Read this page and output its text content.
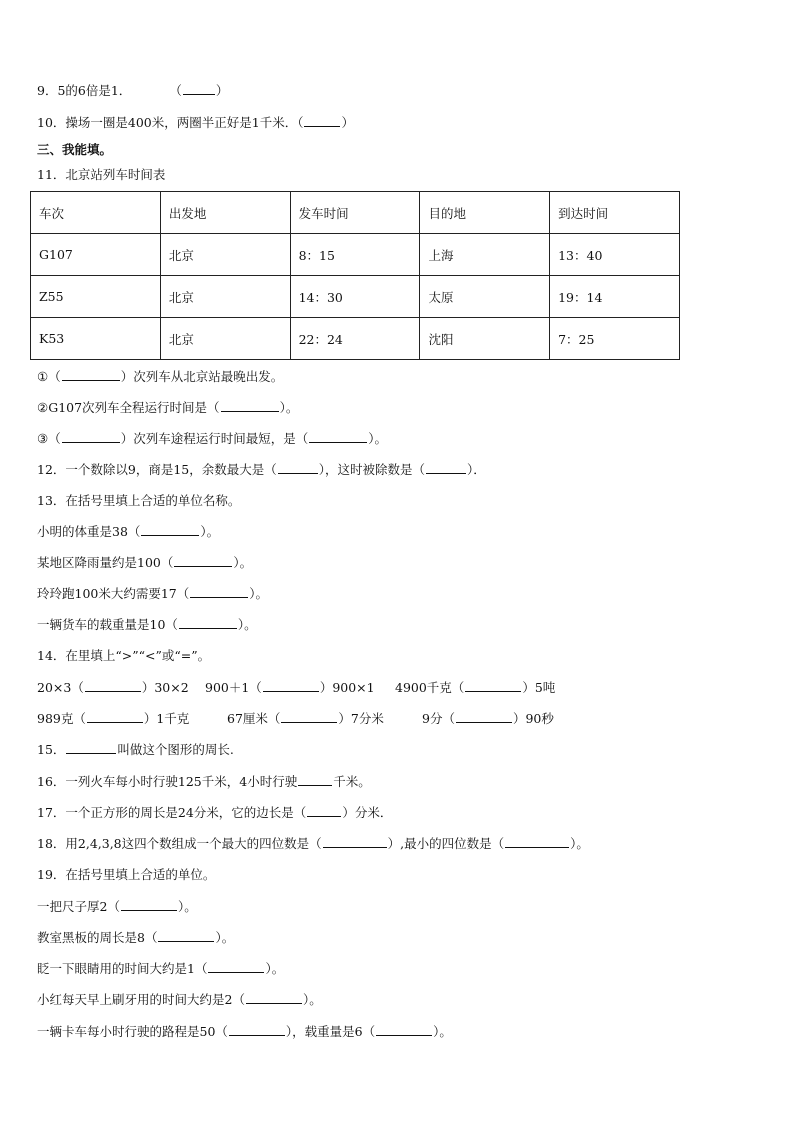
9．5的6倍是1．	（	）
10．操场一圈是400米，两圈半正好是1千米．（	）
三、我能填。
11．北京站列车时间表
车次	出发地	发车时间	目的地	到达时间
G107	北京	8：15	上海	13：40
Z55	北京	14：30	太原	19：14
K53	北京	22：24	沈阳	7：25
①（	）次列车从北京站最晚出发。
②G107次列车全程运行时间是（	）。
③（	）次列车途程运行时间最短，是（	）。
12．一个数除以9，商是15，余数最大是（	），这时被除数是（	）．
13．在括号里填上合适的单位名称。
小明的体重是38（	）。
某地区降雨量约是100（	）。
玲玲跑100米大约需要17（	）。
一辆货车的载重量是10（	）。
14．在里填上“>”“<”或“=”。
20×3（	）30×2 900＋1（	）900×1 4900千克（	）5吨
989克（	）1千克	67厘米（	）7分米	9分（	）90秒
15．	叫做这个图形的周长.
16．一列火车每小时行驶125千米，4小时行驶	千米。
17．一个正方形的周长是24分米，它的边长是（	）分米．
18．用2,4,3,8这四个数组成一个最大的四位数是（	）,最小的四位数是（	）。
19．在括号里填上合适的单位。
一把尺子厚2（	）。
教室黑板的周长是8（	）。
眨一下眼睛用的时间大约是1（	）。
小红每天早上刷牙用的时间大约是2（	）。
一辆卡车每小时行驶的路程是50（	），载重量是6（	）。
